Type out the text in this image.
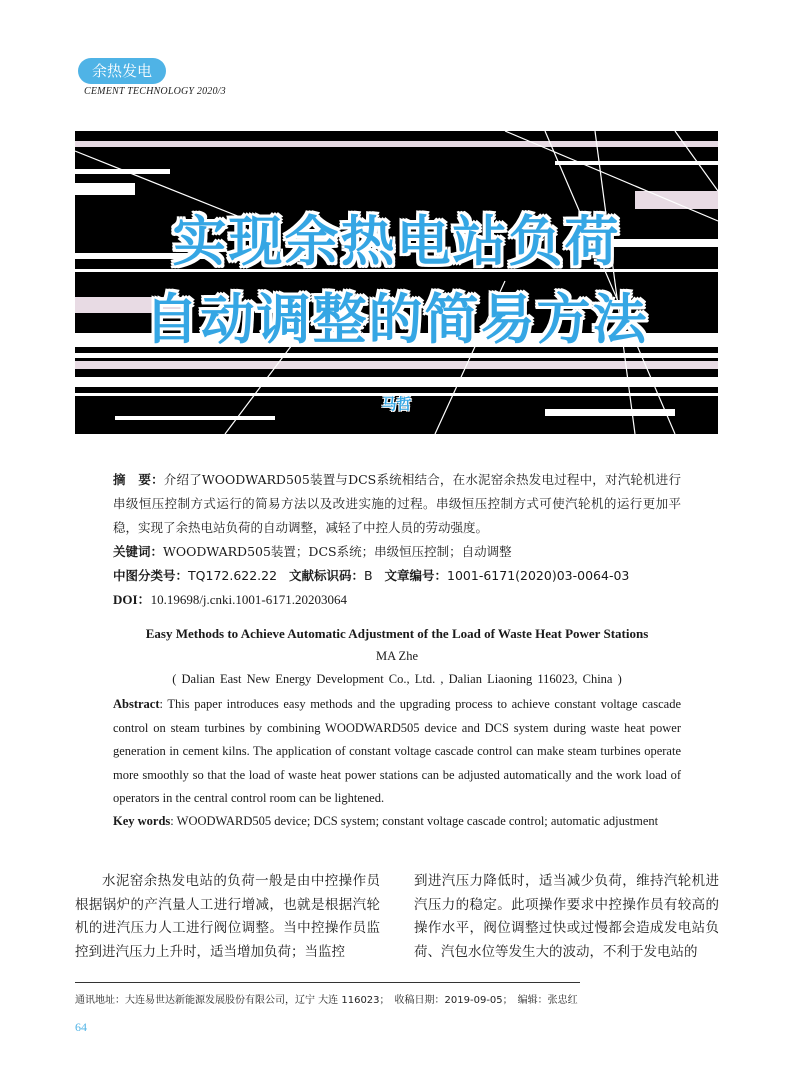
余热发电
CEMENT TECHNOLOGY 2020/3
实现余热电站负荷
自动调整的简易方法
马哲
摘　要：介绍了WOODWARD505装置与DCS系统相结合，在水泥窑余热发电过程中，对汽轮机进行串级恒压控制方式运行的简易方法以及改进实施的过程。串级恒压控制方式可使汽轮机的运行更加平稳，实现了余热电站负荷的自动调整，减轻了中控人员的劳动强度。
关键词：WOODWARD505装置；DCS系统；串级恒压控制；自动调整
中图分类号：TQ172.622.22 文献标识码：B 文章编号：1001-6171(2020)03-0064-03
DOI：10.19698/j.cnki.1001-6171.20203064
Easy Methods to Achieve Automatic Adjustment of the Load of Waste Heat Power Stations
MA Zhe
( Dalian East New Energy Development Co., Ltd. , Dalian Liaoning 116023, China )
Abstract: This paper introduces easy methods and the upgrading process to achieve constant voltage cascade control on steam turbines by combining WOODWARD505 device and DCS system during waste heat power generation in cement kilns. The application of constant voltage cascade control can make steam turbines operate more smoothly so that the load of waste heat power stations can be adjusted automatically and the work load of operators in the central control room can be lightened.
Key words: WOODWARD505 device; DCS system; constant voltage cascade control; automatic adjustment
水泥窑余热发电站的负荷一般是由中控操作员根据锅炉的产汽量人工进行增减，也就是根据汽轮机的进汽压力人工进行阀位调整。当中控操作员监控到进汽压力上升时，适当增加负荷；当监控
到进汽压力降低时，适当减少负荷，维持汽轮机进汽压力的稳定。此项操作要求中控操作员有较高的操作水平，阀位调整过快或过慢都会造成发电站负荷、汽包水位等发生大的波动，不利于发电站的
通讯地址：大连易世达新能源发展股份有限公司，辽宁 大连 116023；　收稿日期：2019-09-05；　编辑：张忠红
64
